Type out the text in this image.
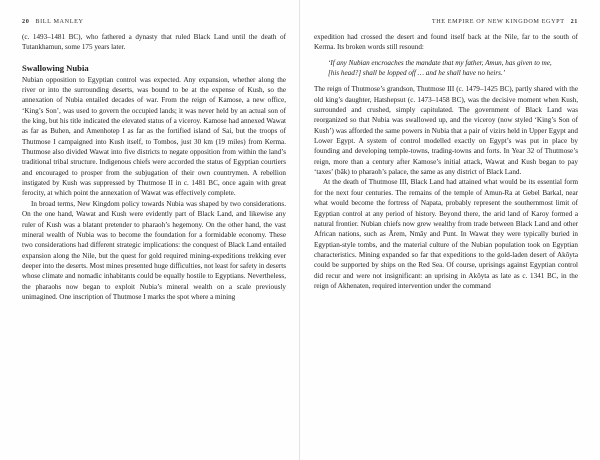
20 BILL MANLEY

(c. 1493–1481 BC), who fathered a dynasty that ruled Black Land until the death of Tutankhamun, some 175 years later.

Swallowing Nubia

Nubian opposition to Egyptian control was expected. Any expansion, whether along the river or into the surrounding deserts, was bound to be at the expense of Kush, so the annexation of Nubia entailed decades of war. From the reign of Kamose, a new office, ‘King’s Son’, was used to govern the occupied lands; it was never held by an actual son of the king, but his title indicated the elevated status of a viceroy. Kamose had annexed Wawat as far as Buhen, and Amenhotep I as far as the fortified island of Sai, but the troops of Thutmose I campaigned into Kush itself, to Tombos, just 30 km (19 miles) from Kerma. Thutmose also divided Wawat into five districts to negate opposition from within the land’s traditional tribal structure. Indigenous chiefs were accorded the status of Egyptian courtiers and encouraged to prosper from the subjugation of their own countrymen. A rebellion instigated by Kush was suppressed by Thutmose II in c. 1481 BC, once again with great ferocity, at which point the annexation of Wawat was effectively complete.

In broad terms, New Kingdom policy towards Nubia was shaped by two considerations. On the one hand, Wawat and Kush were evidently part of Black Land, and likewise any ruler of Kush was a blatant pretender to pharaoh’s hegemony. On the other hand, the vast mineral wealth of Nubia was to become the foundation for a formidable economy. These two considerations had different strategic implications: the conquest of Black Land entailed expansion along the Nile, but the quest for gold required mining-expeditions trekking ever deeper into the deserts. Most mines presented huge difficulties, not least for safety in deserts whose climate and nomadic inhabitants could be equally hostile to Egyptians. Nevertheless, the pharaohs now began to exploit Nubia’s mineral wealth on a scale previously unimagined. One inscription of Thutmose I marks the spot where a mining

THE EMPIRE OF NEW KINGDOM EGYPT 21

expedition had crossed the desert and found itself back at the Nile, far to the south of Kerma. Its broken words still resound:

‘If any Nubian encroaches the mandate that my father, Amun, has given to me, [his head?] shall be lopped off … and he shall have no heirs.’

The reign of Thutmose’s grandson, Thutmose III (c. 1479–1425 BC), partly shared with the old king’s daughter, Hatshepsut (c. 1473–1458 BC), was the decisive moment when Kush, surrounded and crushed, simply capitulated. The government of Black Land was reorganized so that Nubia was swallowed up, and the viceroy (now styled ‘King’s Son of Kush’) was afforded the same powers in Nubia that a pair of vizirs held in Upper Egypt and Lower Egypt. A system of control modelled exactly on Egypt’s was put in place by founding and developing temple-towns, trading-towns and forts. In Year 32 of Thutmose’s reign, more than a century after Kamose’s initial attack, Wawat and Kush began to pay ‘taxes’ (bāk) to pharaoh’s palace, the same as any district of Black Land.

At the death of Thutmose III, Black Land had attained what would be its essential form for the next four centuries. The remains of the temple of Amun-Ra at Gebel Barkal, near what would become the fortress of Napata, probably represent the southernmost limit of Egyptian control at any period of history. Beyond there, the arid land of Karoy formed a natural frontier. Nubian chiefs now grew wealthy from trade between Black Land and other African nations, such as Ārem, Nmāy and Punt. In Wawat they were typically buried in Egyptian-style tombs, and the material culture of the Nubian population took on Egyptian characteristics. Mining expanded so far that expeditions to the gold-laden desert of Akōyta could be supported by ships on the Red Sea. Of course, uprisings against Egyptian control did recur and were not insignificant: an uprising in Akōyta as late as c. 1341 BC, in the reign of Akhenaten, required intervention under the command
